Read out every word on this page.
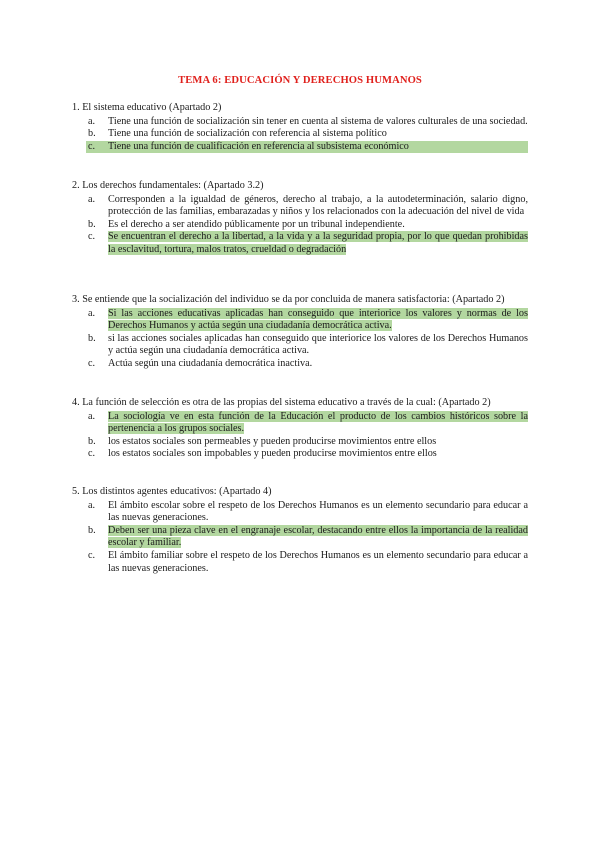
TEMA 6: EDUCACIÓN Y DERECHOS HUMANOS

1. El sistema educativo (Apartado 2)

a. Tiene una función de socialización sin tener en cuenta al sistema de valores culturales de una sociedad.
b. Tiene una función de socialización con referencia al sistema político
c. Tiene una función de cualificación en referencia al subsistema económico

2. Los derechos fundamentales: (Apartado 3.2)

a. Corresponden a la igualdad de géneros, derecho al trabajo, a la autodeterminación, salario digno, protección de las familias, embarazadas y niños y los relacionados con la adecuación del nivel de vida
b. Es el derecho a ser atendido públicamente por un tribunal independiente.
c. Se encuentran el derecho a la libertad, a la vida y a la seguridad propia, por lo que quedan prohibidas la esclavitud, tortura, malos tratos, crueldad o degradación

3. Se entiende que la socialización del individuo se da por concluida de manera satisfactoria: (Apartado 2)

a. Si las acciones educativas aplicadas han conseguido que interiorice los valores y normas de los Derechos Humanos y actúa según una ciudadanía democrática activa.
b. si las acciones sociales aplicadas han conseguido que interiorice los valores de los Derechos Humanos y actúa según una ciudadanía democrática activa.
c. Actúa según una ciudadanía democrática inactiva.

4. La función de selección es otra de las propias del sistema educativo a través de la cual: (Apartado 2)

a. La sociología ve en esta función de la Educación el producto de los cambios históricos sobre la pertenencia a los grupos sociales.
b. los estatos sociales son permeables y pueden producirse movimientos entre ellos
c. los estatos sociales son impobables y pueden producirse movimientos entre ellos

5. Los distintos agentes educativos: (Apartado 4)

a. El ámbito escolar sobre el respeto de los Derechos Humanos es un elemento secundario para educar a las nuevas generaciones.
b. Deben ser una pieza clave en el engranaje escolar, destacando entre ellos la importancia de la realidad escolar y familiar.
c. El ámbito familiar sobre el respeto de los Derechos Humanos es un elemento secundario para educar a las nuevas generaciones.
